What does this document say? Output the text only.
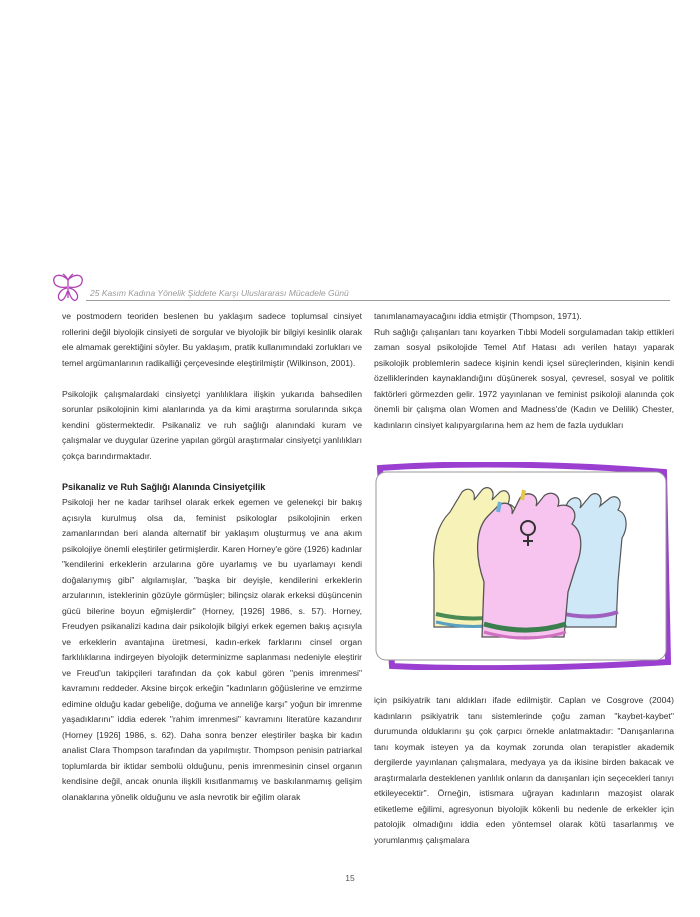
25 Kasım Kadına Yönelik Şiddete Karşı Uluslararası Mücadele Günü

ve postmodern teoriden beslenen bu yaklaşım sadece toplumsal cinsiyet rollerini değil biyolojik cinsiyeti de sorgular ve biyolojik bir bilgiyi kesinlik olarak ele almamak gerektiğini söyler. Bu yaklaşım, pratik kullanımındaki zorlukları ve temel argümanlarının radikalliği çerçevesinde eleştirilmiştir (Wilkinson, 2001).

Psikolojik çalışmalardaki cinsiyetçi yanlılıklara ilişkin yukarıda bahsedilen sorunlar psikolojinin kimi alanlarında ya da kimi araştırma sorularında sıkça kendini göstermektedir. Psikanaliz ve ruh sağlığı alanındaki kuram ve çalışmalar ve duygular üzerine yapılan görgül araştırmalar cinsiyetçi yanlılıkları çokça barındırmaktadır.

Psikanaliz ve Ruh Sağlığı Alanında Cinsiyetçilik

Psikoloji her ne kadar tarihsel olarak erkek egemen ve gelenekçi bir bakış açısıyla kurulmuş olsa da, feminist psikologlar psikolojinin erken zamanlarından beri alanda alternatif bir yaklaşım oluşturmuş ve ana akım psikolojiye önemli eleştiriler getirmişlerdir. Karen Horney'e göre (1926) kadınlar "kendilerini erkeklerin arzularına göre uyarlamış ve bu uyarlamayı kendi doğalarıymış gibi" algılamışlar, "başka bir deyişle, kendilerini erkeklerin arzularının, isteklerinin gözüyle görmüşler; bilinçsiz olarak erkeksi düşüncenin gücü bilerine boyun eğmişlerdir" (Horney, [1926] 1986, s. 57). Horney, Freudyen psikanalizi kadına dair psikolojik bilgiyi erkek egemen bakış açısıyla ve erkeklerin avantajına üretmesi, kadın-erkek farklarını cinsel organ farklılıklarına indirgeyen biyolojik determinizme saplanması nedeniyle eleştirir ve Freud'un takipçileri tarafından da çok kabul gören "penis imrenmesi" kavramını reddeder. Aksine birçok erkeğin "kadınların göğüslerine ve emzirme edimine olduğu kadar gebeliğe, doğuma ve anneliğe karşı" yoğun bir imrenme yaşadıklarını" iddia ederek "rahim imrenmesi" kavramını literatüre kazandırır (Horney [1926] 1986, s. 62). Daha sonra benzer eleştiriler başka bir kadın analist Clara Thompson tarafından da yapılmıştır. Thompson penisin patriarkal toplumlarda bir iktidar sembolü olduğunu, penis imrenmesinin cinsel organın kendisine değil, ancak onunla ilişkili kısıtlanmamış ve baskılanmamış gelişim olanaklarına yönelik olduğunu ve asla nevrotik bir eğilim olarak

tanımlanamayacağını iddia etmiştir (Thompson, 1971).

Ruh sağlığı çalışanları tanı koyarken Tıbbi Modeli sorgulamadan takip ettikleri zaman sosyal psikolojide Temel Atıf Hatası adı verilen hatayı yaparak psikolojik problemlerin sadece kişinin kendi içsel süreçlerinden, kişinin kendi özelliklerinden kaynaklandığını düşünerek sosyal, çevresel, sosyal ve politik faktörleri görmezden gelir. 1972 yayınlanan ve feminist psikoloji alanında çok önemli bir çalışma olan Women and Madness'de (Kadın ve Delilik) Chester, kadınların cinsiyet kalıpyargılarına hem az hem de fazla uydukları

için psikiyatrik tanı aldıkları ifade edilmiştir. Caplan ve Cosgrove (2004) kadınların psikiyatrik tanı sistemlerinde çoğu zaman "kaybet-kaybet" durumunda olduklarını şu çok çarpıcı örnekle anlatmaktadır: "Danışanlarına tanı koymak isteyen ya da koymak zorunda olan terapistler akademik dergilerde yayınlanan çalışmalara, medyaya ya da ikisine birden bakacak ve araştırmalarla desteklenen yanlılık onların da danışanları için seçecekleri tanıyı etkileyecektir". Örneğin, istismara uğrayan kadınların mazoşist olarak etiketleme eğilimi, agresyonun biyolojik kökenli bu nedenle de erkekler için patolojik olmadığını iddia eden yöntemsel olarak kötü tasarlanmış ve yorumlanmış çalışmalara

15
